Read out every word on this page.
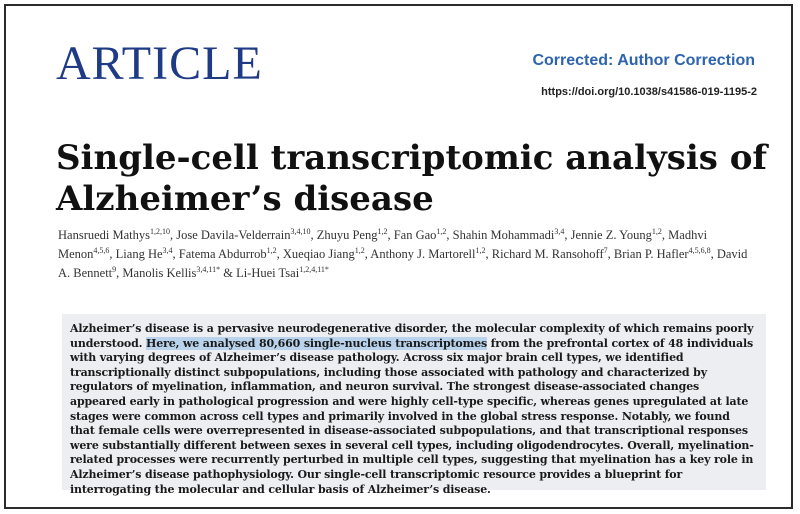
ARTICLE	Corrected: Author Correction
https://doi.org/10.1038/s41586-019-1195-2
Single-cell transcriptomic analysis of
Alzheimer’s disease
Hansruedi Mathys$^{1,2,10}$, Jose Davila-Velderrain$^{3,4,10}$, Zhuyu Peng$^{1,2}$, Fan Gao$^{1,2}$, Shahin Mohammadi$^{3,4}$, Jennie Z. Young$^{1,2}$, Madhvi Menon$^{4,5,6}$, Liang He$^{3,4}$, Fatema Abdurrob$^{1,2}$, Xueqiao Jiang$^{1,2}$, Anthony J. Martorell$^{1,2}$, Richard M. Ransohoff$^7$, Brian P. Hafler$^{4,5,6,8}$, David A. Bennett$^9$, Manolis Kellis$^{3,4,11*}$ & Li-Huei Tsai$^{1,2,4,11*}$

Alzheimer’s disease is a pervasive neurodegenerative disorder, the molecular complexity of which remains poorly understood. Here, we analysed 80,660 single-nucleus transcriptomes from the prefrontal cortex of 48 individuals with varying degrees of Alzheimer’s disease pathology. Across six major brain cell types, we identified transcriptionally distinct subpopulations, including those associated with pathology and characterized by regulators of myelination, inflammation, and neuron survival. The strongest disease-associated changes appeared early in pathological progression and were highly cell-type specific, whereas genes upregulated at late stages were common across cell types and primarily involved in the global stress response. Notably, we found that female cells were overrepresented in disease-associated subpopulations, and that transcriptional responses were substantially different between sexes in several cell types, including oligodendrocytes. Overall, myelination-related processes were recurrently perturbed in multiple cell types, suggesting that myelination has a key role in Alzheimer’s disease pathophysiology. Our single-cell transcriptomic resource provides a blueprint for interrogating the molecular and cellular basis of Alzheimer’s disease.
